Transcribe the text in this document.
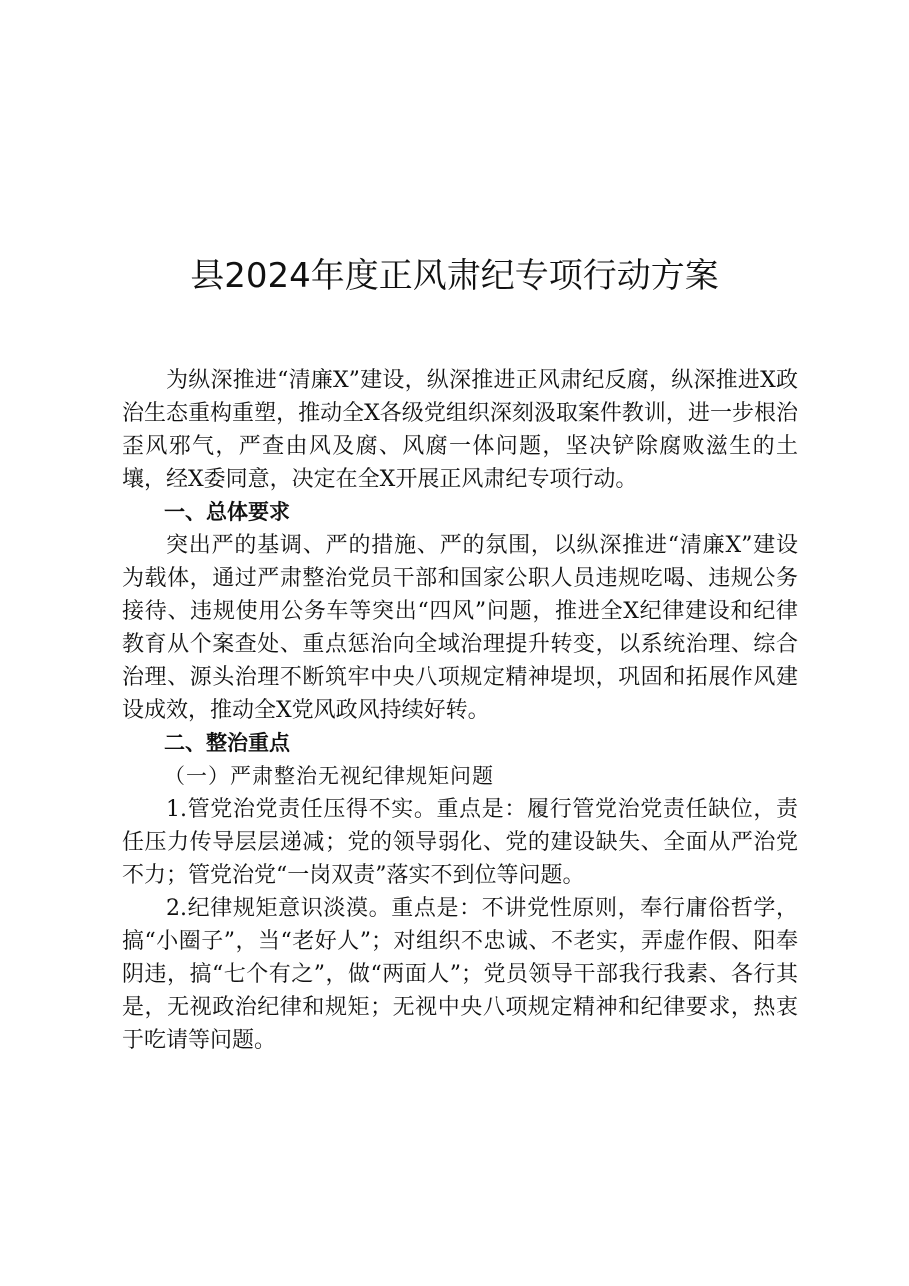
县2024年度正风肃纪专项行动方案

为纵深推进“清廉X”建设，纵深推进正风肃纪反腐，纵深推进X政治生态重构重塑，推动全X各级党组织深刻汲取案件教训，进一步根治歪风邪气，严查由风及腐、风腐一体问题，坚决铲除腐败滋生的土壤，经X委同意，决定在全X开展正风肃纪专项行动。

一、总体要求

突出严的基调、严的措施、严的氛围，以纵深推进“清廉X”建设为载体，通过严肃整治党员干部和国家公职人员违规吃喝、违规公务接待、违规使用公务车等突出“四风”问题，推进全X纪律建设和纪律教育从个案查处、重点惩治向全域治理提升转变，以系统治理、综合治理、源头治理不断筑牢中央八项规定精神堤坝，巩固和拓展作风建设成效，推动全X党风政风持续好转。

二、整治重点

（一）严肃整治无视纪律规矩问题

1.管党治党责任压得不实。重点是：履行管党治党责任缺位，责任压力传导层层递减；党的领导弱化、党的建设缺失、全面从严治党不力；管党治党“一岗双责”落实不到位等问题。

2.纪律规矩意识淡漠。重点是：不讲党性原则，奉行庸俗哲学，搞“小圈子”，当“老好人”；对组织不忠诚、不老实，弄虚作假、阳奉阴违，搞“七个有之”，做“两面人”；党员领导干部我行我素、各行其是，无视政治纪律和规矩；无视中央八项规定精神和纪律要求，热衷于吃请等问题。
